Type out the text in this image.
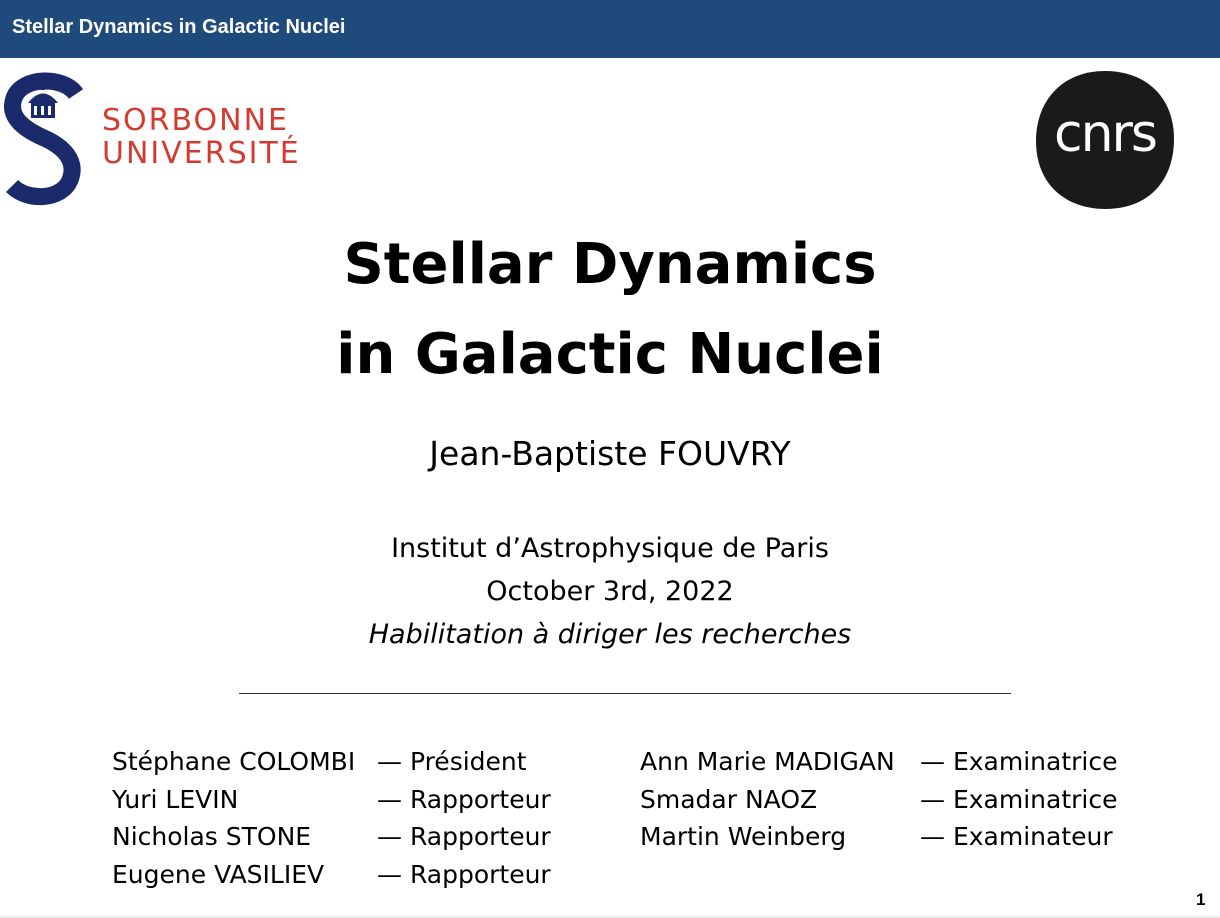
Stellar Dynamics in Galactic Nuclei
SORBONNE
UNIVERSITÉ	cnrs
Stellar Dynamics
in Galactic Nuclei
Jean-Baptiste FOUVRY
Institut d’Astrophysique de Paris
October 3rd, 2022
Habilitation à diriger les recherches
Stéphane COLOMBI — Président
Yuri LEVIN	— Rapporteur
Nicholas STONE	— Rapporteur
Eugene VASILIEV — Rapporteur
Ann Marie MADIGAN — Examinatrice
Smadar NAOZ	— Examinatrice
Martin Weinberg	— Examinateur
1
